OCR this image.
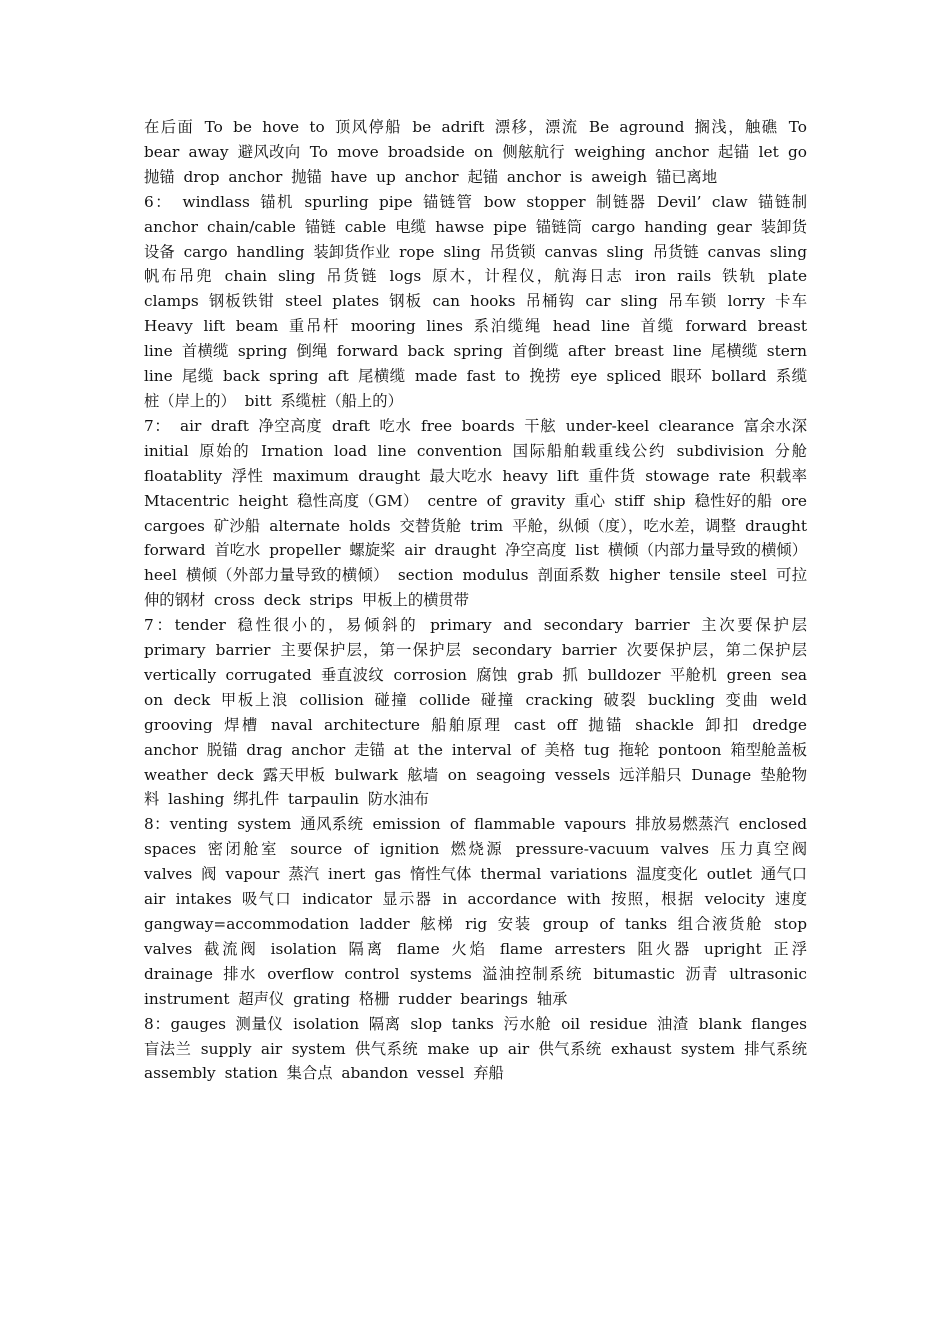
在后面 To be hove to 顶风停船 be adrift 漂移，漂流 Be aground 搁浅，触礁 To bear away 避风改向 To move broadside on 侧舷航行 weighing anchor 起锚 let go 抛锚 drop anchor 抛锚 have up anchor 起锚 anchor is aweigh 锚已离地

6： windlass 锚机 spurling pipe 锚链管 bow stopper 制链器 Devil’ claw 锚链制 anchor chain/cable 锚链 cable 电缆 hawse pipe 锚链筒 cargo handing gear 装卸货设备 cargo handling 装卸货作业 rope sling 吊货锁 canvas sling 吊货链 canvas sling 帆布吊兜 chain sling 吊货链 logs 原木，计程仪，航海日志 iron rails 铁轨 plate clamps 钢板铁钳 steel plates 钢板 can hooks 吊桶钩 car sling 吊车锁 lorry 卡车 Heavy lift beam 重吊杆 mooring lines 系泊缆绳 head line 首缆 forward breast line 首横缆 spring 倒绳 forward back spring 首倒缆 after breast line 尾横缆 stern line 尾缆 back spring aft 尾横缆 made fast to 挽捞 eye spliced 眼环 bollard 系缆桩（岸上的） bitt 系缆桩（船上的）

7： air draft 净空高度 draft 吃水 free boards 干舷 under-keel clearance 富余水深 initial 原始的 Irnation load line convention 国际船舶载重线公约 subdivision 分舱 floatablity 浮性 maximum draught 最大吃水 heavy lift 重件货 stowage rate 积载率 Mtacentric height 稳性高度（GM） centre of gravity 重心 stiff ship 稳性好的船 ore cargoes 矿沙船 alternate holds 交替货舱 trim 平舱，纵倾（度），吃水差，调整 draught forward 首吃水 propeller 螺旋桨 air draught 净空高度 list 横倾（内部力量导致的横倾）heel 横倾（外部力量导致的横倾） section modulus 剖面系数 higher tensile steel 可拉伸的钢材 cross deck strips 甲板上的横贯带

7：tender 稳性很小的，易倾斜的 primary and secondary barrier 主次要保护层 primary barrier 主要保护层，第一保护层 secondary barrier 次要保护层，第二保护层 vertically corrugated 垂直波纹 corrosion 腐蚀 grab 抓 bulldozer 平舱机 green sea on deck 甲板上浪 collision 碰撞 collide 碰撞 cracking 破裂 buckling 变曲 weld grooving 焊槽 naval architecture 船舶原理 cast off 抛锚 shackle 卸扣 dredge anchor 脱锚 drag anchor 走锚 at the interval of 美格 tug 拖轮 pontoon 箱型舱盖板 weather deck 露天甲板 bulwark 舷墙 on seagoing vessels 远洋船只 Dunage 垫舱物料 lashing 绑扎件 tarpaulin 防水油布

8：venting system 通风系统 emission of flammable vapours 排放易燃蒸汽 enclosed spaces 密闭舱室 source of ignition 燃烧源 pressure-vacuum valves 压力真空阀 valves 阀 vapour 蒸汽 inert gas 惰性气体 thermal variations 温度变化 outlet 通气口 air intakes 吸气口 indicator 显示器 in accordance with 按照，根据 velocity 速度 gangway=accommodation ladder 舷梯 rig 安装 group of tanks 组合液货舱 stop valves 截流阀 isolation 隔离 flame 火焰 flame arresters 阻火器 upright 正浮 drainage 排水 overflow control systems 溢油控制系统 bitumastic 沥青 ultrasonic instrument 超声仪 grating 格栅 rudder bearings 轴承

8：gauges 测量仪 isolation 隔离 slop tanks 污水舱 oil residue 油渣 blank flanges 盲法兰 supply air system 供气系统 make up air 供气系统 exhaust system 排气系统 assembly station 集合点 abandon vessel 弃船
